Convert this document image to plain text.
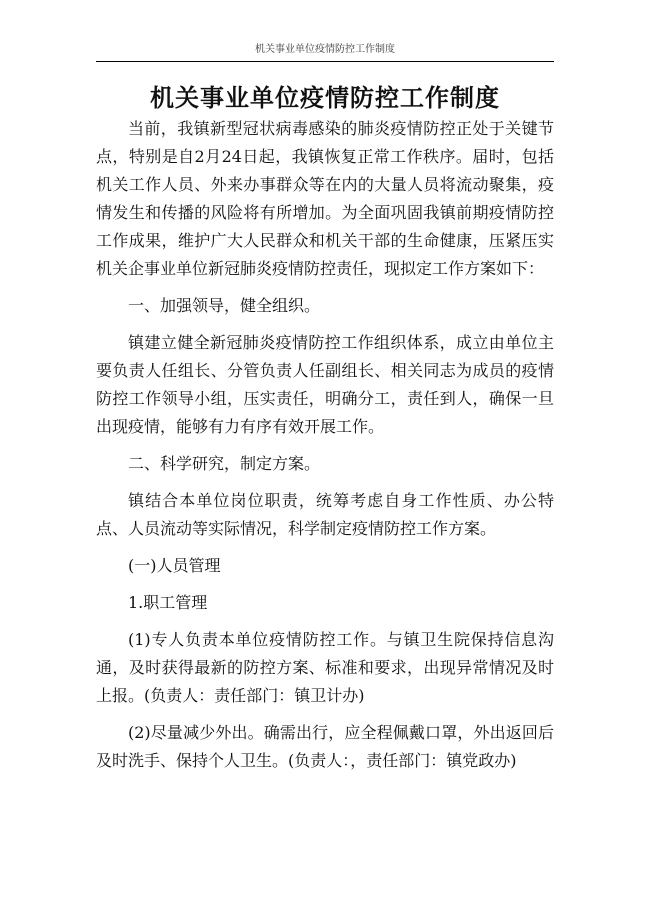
机关事业单位疫情防控工作制度
机关事业单位疫情防控工作制度

当前，我镇新型冠状病毒感染的肺炎疫情防控正处于关键节点，特别是自2月24日起，我镇恢复正常工作秩序。届时，包括机关工作人员、外来办事群众等在内的大量人员将流动聚集，疫情发生和传播的风险将有所增加。为全面巩固我镇前期疫情防控工作成果，维护广大人民群众和机关干部的生命健康，压紧压实机关企事业单位新冠肺炎疫情防控责任，现拟定工作方案如下：

一、加强领导，健全组织。

镇建立健全新冠肺炎疫情防控工作组织体系，成立由单位主要负责人任组长、分管负责人任副组长、相关同志为成员的疫情防控工作领导小组，压实责任，明确分工，责任到人，确保一旦出现疫情，能够有力有序有效开展工作。

二、科学研究，制定方案。

镇结合本单位岗位职责，统筹考虑自身工作性质、办公特点、人员流动等实际情况，科学制定疫情防控工作方案。

(一)人员管理

1.职工管理

(1)专人负责本单位疫情防控工作。与镇卫生院保持信息沟通，及时获得最新的防控方案、标准和要求，出现异常情况及时上报。(负责人：责任部门：镇卫计办)

(2)尽量减少外出。确需出行，应全程佩戴口罩，外出返回后及时洗手、保持个人卫生。(负责人：，责任部门：镇党政办)
